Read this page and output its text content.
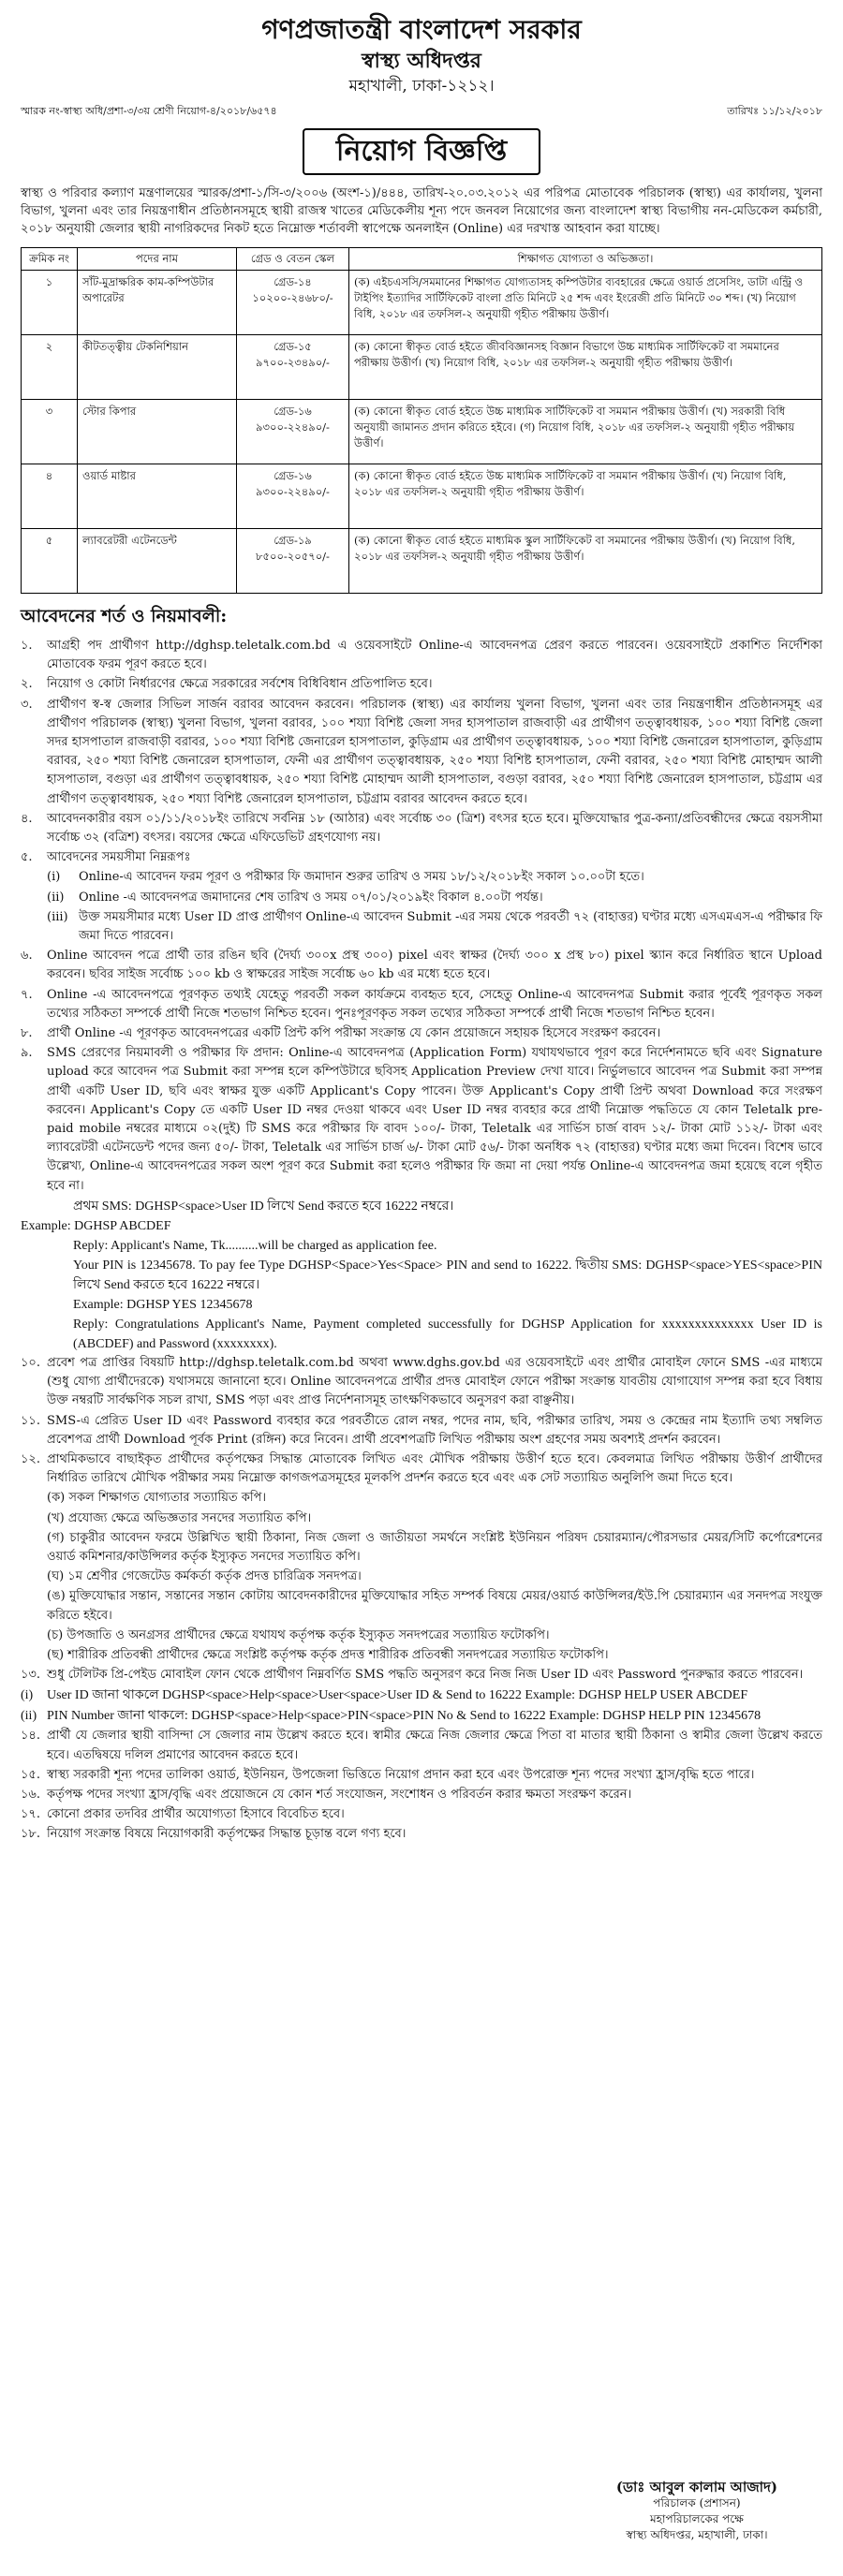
গণপ্রজাতন্ত্রী বাংলাদেশ সরকার
স্বাস্থ্য অধিদপ্তর
মহাখালী, ঢাকা-১২১২।
স্মারক নং-স্বাস্থ্য অধি/প্রশা-৩/৩য় শ্রেণী নিয়োগ-৪/২০১৮/৬৫৭৪	তারিখঃ ১১/১২/২০১৮
নিয়োগ বিজ্ঞপ্তি
স্বাস্থ্য ও পরিবার কল্যাণ মন্ত্রণালয়ের স্মারক/প্রশা-১/সি-৩/২০০৬ (অংশ-১)/৪৪৪, তারিখ-২০.০৩.২০১২ এর পরিপত্র মোতাবেক পরিচালক (স্বাস্থ্য) এর কার্যালয়, খুলনা বিভাগ, খুলনা এবং তার নিয়ন্ত্রণাধীন প্রতিষ্ঠানসমূহে স্থায়ী রাজস্ব খাতের মেডিকেলীয় শূন্য পদে জনবল নিয়োগের জন্য বাংলাদেশ স্বাস্থ্য বিভাগীয় নন-মেডিকেল কর্মচারী, ২০১৮ অনুযায়ী জেলার স্থায়ী নাগরিকদের নিকট হতে নিম্নোক্ত শর্তাবলী স্বাপেক্ষে অনলাইন (Online) এর দরখাস্ত আহবান করা যাচ্ছে।
ক্রমিক নং	পদের নাম	গ্রেড ও বেতন স্কেল	শিক্ষাগত যোগ্যতা ও অভিজ্ঞতা।
১	সাঁট-মুদ্রাক্ষরিক কাম-কম্পিউটার অপারেটর	গ্রেড-১৪ ১০২০০-২৪৬৮০/-	(ক) এইচএসসি/সমমানের শিক্ষাগত যোগ্যতাসহ কম্পিউটার ব্যবহারের ক্ষেত্রে ওয়ার্ড প্রসেসিং, ডাটা এন্ট্রি ও টাইপিং ইত্যাদির সার্টিফিকেট বাংলা প্রতি মিনিটে ২৫ শব্দ এবং ইংরেজী প্রতি মিনিটে ৩০ শব্দ। (খ) নিয়োগ বিধি, ২০১৮ এর তফসিল-২ অনুযায়ী গৃহীত পরীক্ষায় উত্তীর্ণ।
২	কীটতত্ত্বীয় টেকনিশিয়ান	গ্রেড-১৫ ৯৭০০-২৩৪৯০/-	(ক) কোনো স্বীকৃত বোর্ড হইতে জীববিজ্ঞানসহ বিজ্ঞান বিভাগে উচ্চ মাধ্যমিক সার্টিফিকেট বা সমমানের পরীক্ষায় উত্তীর্ণ। (খ) নিয়োগ বিধি, ২০১৮ এর তফসিল-২ অনুযায়ী গৃহীত পরীক্ষায় উত্তীর্ণ।
৩	স্টোর কিপার	গ্রেড-১৬ ৯৩০০-২২৪৯০/-	(ক) কোনো স্বীকৃত বোর্ড হইতে উচ্চ মাধ্যমিক সার্টিফিকেট বা সমমান পরীক্ষায় উত্তীর্ণ। (খ) সরকারী বিধি অনুযায়ী জামানত প্রদান করিতে হইবে। (গ) নিয়োগ বিধি, ২০১৮ এর তফসিল-২ অনুযায়ী গৃহীত পরীক্ষায় উত্তীর্ণ।
৪	ওয়ার্ড মাষ্টার	গ্রেড-১৬ ৯৩০০-২২৪৯০/-	(ক) কোনো স্বীকৃত বোর্ড হইতে উচ্চ মাধ্যমিক সার্টিফিকেট বা সমমান পরীক্ষায় উত্তীর্ণ। (খ) নিয়োগ বিধি, ২০১৮ এর তফসিল-২ অনুযায়ী গৃহীত পরীক্ষায় উত্তীর্ণ।
৫	ল্যাবরেটরী এটেনডেন্ট	গ্রেড-১৯ ৮৫০০-২০৫৭০/-	(ক) কোনো স্বীকৃত বোর্ড হইতে মাধ্যমিক স্কুল সার্টিফিকেট বা সমমানের পরীক্ষায় উত্তীর্ণ। (খ) নিয়োগ বিধি, ২০১৮ এর তফসিল-২ অনুযায়ী গৃহীত পরীক্ষায় উত্তীর্ণ।
আবেদনের শর্ত ও নিয়মাবলী:
১.	আগ্রহী পদ প্রার্থীগণ http://dghsp.teletalk.com.bd এ ওয়েবসাইটে Online-এ আবেদনপত্র প্রেরণ করতে পারবেন। ওয়েবসাইটে প্রকাশিত নির্দেশিকা মোতাবেক ফরম পূরণ করতে হবে।
২.	নিয়োগ ও কোটা নির্ধারণের ক্ষেত্রে সরকারের সর্বশেষ বিধিবিধান প্রতিপালিত হবে।
৩.	প্রার্থীগণ স্ব-স্ব জেলার সিভিল সার্জন বরাবর আবেদন করবেন। পরিচালক (স্বাস্থ্য) এর কার্যালয় খুলনা বিভাগ, খুলনা এবং তার নিয়ন্ত্রণাধীন প্রতিষ্ঠানসমূহ এর প্রার্থীগণ পরিচালক (স্বাস্থ্য) খুলনা বিভাগ, খুলনা বরাবর, ১০০ শয্যা বিশিষ্ট জেলা সদর হাসপাতাল রাজবাড়ী এর প্রার্থীগণ তত্ত্বাবধায়ক, ১০০ শয্যা বিশিষ্ট জেলা সদর হাসপাতাল রাজবাড়ী বরাবর, ১০০ শয্যা বিশিষ্ট জেনারেল হাসপাতাল, কুড়িগ্রাম এর প্রার্থীগণ তত্ত্বাবধায়ক, ১০০ শয্যা বিশিষ্ট জেনারেল হাসপাতাল, কুড়িগ্রাম বরাবর, ২৫০ শয্যা বিশিষ্ট জেনারেল হাসপাতাল, ফেনী এর প্রার্থীগণ তত্ত্বাবধায়ক, ২৫০ শয্যা বিশিষ্ট হাসপাতাল, ফেনী বরাবর, ২৫০ শয্যা বিশিষ্ট মোহাম্মদ আলী হাসপাতাল, বগুড়া এর প্রার্থীগণ তত্ত্বাবধায়ক, ২৫০ শয্যা বিশিষ্ট মোহাম্মদ আলী হাসপাতাল, বগুড়া বরাবর, ২৫০ শয্যা বিশিষ্ট জেনারেল হাসপাতাল, চট্টগ্রাম এর প্রার্থীগণ তত্ত্বাবধায়ক, ২৫০ শয্যা বিশিষ্ট জেনারেল হাসপাতাল, চট্টগ্রাম বরাবর আবেদন করতে হবে।
৪.	আবেদনকারীর বয়স ০১/১১/২০১৮ইং তারিখে সর্বনিম্ন ১৮ (আঠার) এবং সর্বোচ্চ ৩০ (ত্রিশ) বৎসর হতে হবে। মুক্তিযোদ্ধার পুত্র-কন্যা/প্রতিবন্ধীদের ক্ষেত্রে বয়সসীমা সর্বোচ্চ ৩২ (বত্রিশ) বৎসর। বয়সের ক্ষেত্রে এফিডেভিট গ্রহণযোগ্য নয়।
৫.	আবেদনের সময়সীমা নিম্নরূপঃ
(i)	Online-এ আবেদন ফরম পূরণ ও পরীক্ষার ফি জমাদান শুরুর তারিখ ও সময় ১৮/১২/২০১৮ইং সকাল ১০.০০টা হতে।
(ii)	Online -এ আবেদনপত্র জমাদানের শেষ তারিখ ও সময় ০৭/০১/২০১৯ইং বিকাল ৪.০০টা পর্যন্ত।
(iii) উক্ত সময়সীমার মধ্যে User ID প্রাপ্ত প্রার্থীগণ Online-এ আবেদন Submit -এর সময় থেকে পরবর্তী ৭২ (বাহাত্তর) ঘণ্টার মধ্যে এসএমএস-এ পরীক্ষার ফি জমা দিতে পারবেন।
৬.	Online আবেদন পত্রে প্রার্থী তার রঙিন ছবি (দৈর্ঘ্য ৩০০x প্রস্থ ৩০০) pixel এবং স্বাক্ষর (দৈর্ঘ্য ৩০০ x প্রস্থ ৮০) pixel স্ক্যান করে নির্ধারিত স্থানে Upload করবেন। ছবির সাইজ সর্বোচ্চ ১০০ kb ও স্বাক্ষরের সাইজ সর্বোচ্চ ৬০ kb এর মধ্যে হতে হবে।
৭.	Online -এ আবেদনপত্রে পূরণকৃত তথ্যই যেহেতু পরবর্তী সকল কার্যক্রমে ব্যবহৃত হবে, সেহেতু Online-এ আবেদনপত্র Submit করার পূর্বেই পূরণকৃত সকল তথ্যের সঠিকতা সম্পর্কে প্রার্থী নিজে শতভাগ নিশ্চিত হবেন। পুনঃপূরণকৃত সকল তথ্যের সঠিকতা সম্পর্কে প্রার্থী নিজে শতভাগ নিশ্চিত হবেন।
৮.	প্রার্থী Online -এ পূরণকৃত আবেদনপত্রের একটি প্রিন্ট কপি পরীক্ষা সংক্রান্ত যে কোন প্রয়োজনে সহায়ক হিসেবে সংরক্ষণ করবেন।
৯.	SMS প্রেরণের নিয়মাবলী ও পরীক্ষার ফি প্রদান: Online-এ আবেদনপত্র (Application Form) যথাযথভাবে পূরণ করে নির্দেশনামতে ছবি এবং Signature upload করে আবেদন পত্র Submit করা সম্পন্ন হলে কম্পিউটারে ছবিসহ Application Preview দেখা যাবে। নির্ভুলভাবে আবেদন পত্র Submit করা সম্পন্ন প্রার্থী একটি User ID, ছবি এবং স্বাক্ষর যুক্ত একটি Applicant's Copy পাবেন। উক্ত Applicant's Copy প্রার্থী প্রিন্ট অথবা Download করে সংরক্ষণ করবেন। Applicant's Copy তে একটি User ID নম্বর দেওয়া থাকবে এবং User ID নম্বর ব্যবহার করে প্রার্থী নিম্নোক্ত পদ্ধতিতে যে কোন Teletalk pre-paid mobile নম্বরের মাধ্যমে ০২(দুই) টি SMS করে পরীক্ষার ফি বাবদ ১০০/- টাকা, Teletalk এর সার্ভিস চার্জ বাবদ ১২/- টাকা মোট ১১২/- টাকা এবং ল্যাবরেটরী এটেনডেন্ট পদের জন্য ৫০/- টাকা, Teletalk এর সার্ভিস চার্জ ৬/- টাকা মোট ৫৬/- টাকা অনধিক ৭২ (বাহাত্তর) ঘণ্টার মধ্যে জমা দিবেন। বিশেষ ভাবে উল্লেখ্য, Online-এ আবেদনপত্রের সকল অংশ পূরণ করে Submit করা হলেও পরীক্ষার ফি জমা না দেয়া পর্যন্ত Online-এ আবেদনপত্র জমা হয়েছে বলে গৃহীত হবে না।
প্রথম SMS: DGHSP<space>User ID লিখে Send করতে হবে 16222 নম্বরে।
Example: DGHSP ABCDEF
Reply: Applicant's Name, Tk..........will be charged as application fee.
Your PIN is 12345678. To pay fee Type DGHSP<Space>Yes<Space> PIN and send to 16222. দ্বিতীয় SMS: DGHSP<space>YES<space>PIN লিখে Send করতে হবে 16222 নম্বরে।
Example: DGHSP YES 12345678
Reply: Congratulations Applicant's Name, Payment completed successfully for DGHSP Application for xxxxxxxxxxxxxx User ID is (ABCDEF) and Password (xxxxxxxx).
১০. প্রবেশ পত্র প্রাপ্তির বিষয়টি http://dghsp.teletalk.com.bd অথবা www.dghs.gov.bd এর ওয়েবসাইটে এবং প্রার্থীর মোবাইল ফোনে SMS -এর মাধ্যমে (শুধু যোগ্য প্রার্থীদেরকে) যথাসময়ে জানানো হবে। Online আবেদনপত্রে প্রার্থীর প্রদত্ত মোবাইল ফোনে পরীক্ষা সংক্রান্ত যাবতীয় যোগাযোগ সম্পন্ন করা হবে বিধায় উক্ত নম্বরটি সার্বক্ষণিক সচল রাখা, SMS পড়া এবং প্রাপ্ত নির্দেশনাসমূহ তাৎক্ষণিকভাবে অনুসরণ করা বাঞ্ছনীয়।
১১. SMS-এ প্রেরিত User ID এবং Password ব্যবহার করে পরবর্তীতে রোল নম্বর, পদের নাম, ছবি, পরীক্ষার তারিখ, সময় ও কেন্দ্রের নাম ইত্যাদি তথ্য সম্বলিত প্রবেশপত্র প্রার্থী Download পূর্বক Print (রঙ্গিন) করে নিবেন। প্রার্থী প্রবেশপত্রটি লিখিত পরীক্ষায় অংশ গ্রহণের সময় অবশ্যই প্রদর্শন করবেন।
১২. প্রাথমিকভাবে বাছাইকৃত প্রার্থীদের কর্তৃপক্ষের সিদ্ধান্ত মোতাবেক লিখিত এবং মৌখিক পরীক্ষায় উত্তীর্ণ হতে হবে। কেবলমাত্র লিখিত পরীক্ষায় উত্তীর্ণ প্রার্থীদের নির্ধারিত তারিখে মৌখিক পরীক্ষার সময় নিম্নোক্ত কাগজপত্রসমূহের মূলকপি প্রদর্শন করতে হবে এবং এক সেট সত্যায়িত অনুলিপি জমা দিতে হবে।
(ক) সকল শিক্ষাগত যোগ্যতার সত্যায়িত কপি।
(খ) প্রযোজ্য ক্ষেত্রে অভিজ্ঞতার সনদের সত্যায়িত কপি।
(গ) চাকুরীর আবেদন ফরমে উল্লিখিত স্থায়ী ঠিকানা, নিজ জেলা ও জাতীয়তা সমর্থনে সংশ্লিষ্ট ইউনিয়ন পরিষদ চেয়ারম্যান/পৌরসভার মেয়র/সিটি কর্পোরেশনের ওয়ার্ড কমিশনার/কাউন্সিলর কর্তৃক ইস্যুকৃত সনদের সত্যায়িত কপি।
(ঘ) ১ম শ্রেণীর গেজেটেড কর্মকর্তা কর্তৃক প্রদত্ত চারিত্রিক সনদপত্র।
(ঙ) মুক্তিযোদ্ধার সন্তান, সন্তানের সন্তান কোটায় আবেদনকারীদের মুক্তিযোদ্ধার সহিত সম্পর্ক বিষয়ে মেয়র/ওয়ার্ড কাউন্সিলর/ইউ.পি চেয়ারম্যান এর সনদপত্র সংযুক্ত করিতে হইবে।
(চ) উপজাতি ও অনগ্রসর প্রার্থীদের ক্ষেত্রে যথাযথ কর্তৃপক্ষ কর্তৃক ইস্যুকৃত সনদপত্রের সত্যায়িত ফটোকপি।
(ছ) শারীরিক প্রতিবন্ধী প্রার্থীদের ক্ষেত্রে সংশ্লিষ্ট কর্তৃপক্ষ কর্তৃক প্রদত্ত শারীরিক প্রতিবন্ধী সনদপত্রের সত্যায়িত ফটোকপি।
১৩. শুধু টেলিটক প্রি-পেইড মোবাইল ফোন থেকে প্রার্থীগণ নিম্নবর্ণিত SMS পদ্ধতি অনুসরণ করে নিজ নিজ User ID এবং Password পুনরুদ্ধার করতে পারবেন।
(i)	User ID জানা থাকলে DGHSP<space>Help<space>User<space>User ID & Send to 16222 Example: DGHSP HELP USER ABCDEF
(ii) PIN Number জানা থাকলে: DGHSP<space>Help<space>PIN<space>PIN No & Send to 16222 Example: DGHSP HELP PIN 12345678
১৪. প্রার্থী যে জেলার স্থায়ী বাসিন্দা সে জেলার নাম উল্লেখ করতে হবে। স্বামীর ক্ষেত্রে নিজ জেলার ক্ষেত্রে পিতা বা মাতার স্থায়ী ঠিকানা ও স্বামীর জেলা উল্লেখ করতে হবে। এতদ্বিষয়ে দলিল প্রমাণের আবেদন করতে হবে।
১৫. স্বাস্থ্য সরকারী শূন্য পদের তালিকা ওয়ার্ড, ইউনিয়ন, উপজেলা ভিত্তিতে নিয়োগ প্রদান করা হবে এবং উপরোক্ত শূন্য পদের সংখ্যা হ্রাস/বৃদ্ধি হতে পারে।
১৬. কর্তৃপক্ষ পদের সংখ্যা হ্রাস/বৃদ্ধি এবং প্রয়োজনে যে কোন শর্ত সংযোজন, সংশোধন ও পরিবর্তন করার ক্ষমতা সংরক্ষণ করেন।
১৭. কোনো প্রকার তদবির প্রার্থীর অযোগ্যতা হিসাবে বিবেচিত হবে।
১৮. নিয়োগ সংক্রান্ত বিষয়ে নিয়োগকারী কর্তৃপক্ষের সিদ্ধান্ত চূড়ান্ত বলে গণ্য হবে।
(ডাঃ আবুল কালাম আজাদ)
পরিচালক (প্রশাসন)
মহাপরিচালকের পক্ষে
স্বাস্থ্য অধিদপ্তর, মহাখালী, ঢাকা।
